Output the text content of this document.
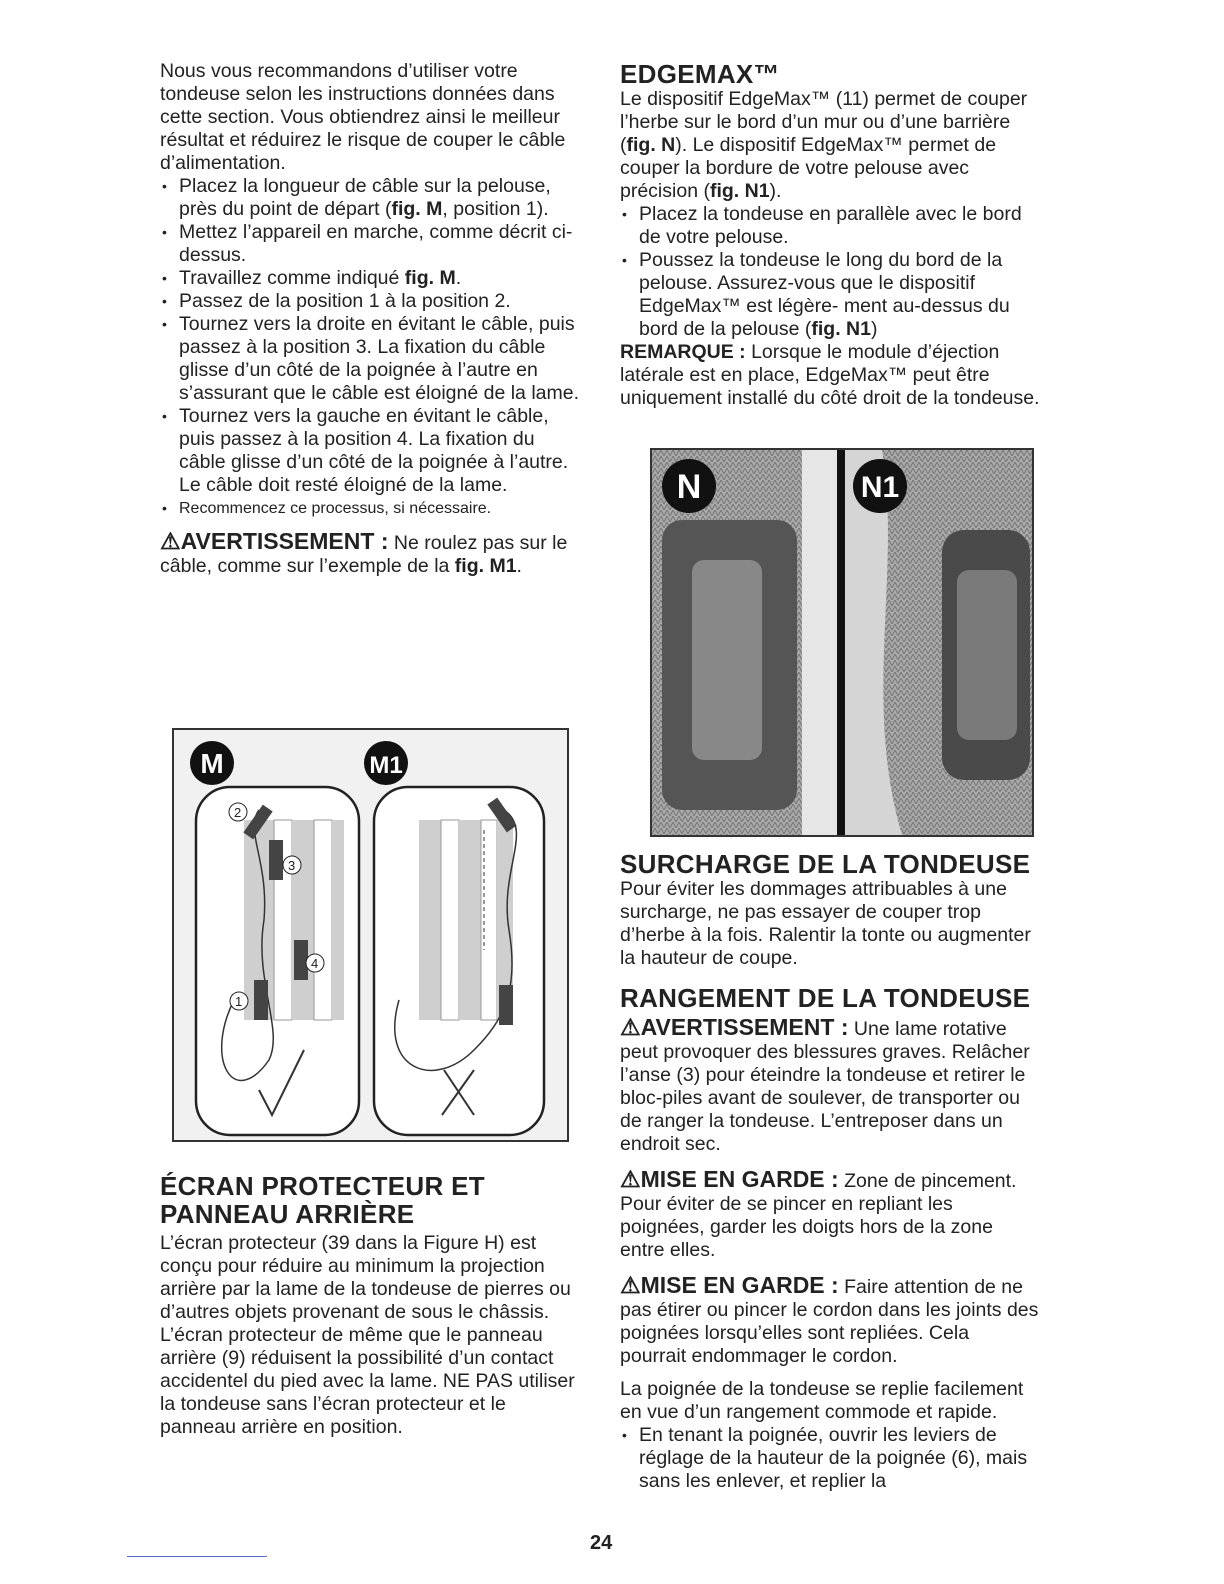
Nous vous recommandons d’utiliser votre tondeuse selon les instructions données dans cette section. Vous obtiendrez ainsi le meilleur résultat et réduirez le risque de couper le câble d’alimentation.

• Placez la longueur de câble sur la pelouse, près du point de départ (fig. M, position 1).
• Mettez l’appareil en marche, comme décrit ci-dessus.
• Travaillez comme indiqué fig. M.
• Passez de la position 1 à la position 2.
• Tournez vers la droite en évitant le câble, puis passez à la position 3. La fixation du câble glisse d’un côté de la poignée à l’autre en s’assurant que le câble est éloigné de la lame.
• Tournez vers la gauche en évitant le câble, puis passez à la position 4. La fixation du câble glisse d’un côté de la poignée à l’autre. Le câble doit resté éloigné de la lame.
• Recommencez ce processus, si nécessaire.

⚠AVERTISSEMENT : Ne roulez pas sur le câble, comme sur l’exemple de la fig. M1.

ÉCRAN PROTECTEUR ET PANNEAU ARRIÈRE

L’écran protecteur (39 dans la Figure H) est conçu pour réduire au minimum la projection arrière par la lame de la tondeuse de pierres ou d’autres objets provenant de sous le châssis.

L’écran protecteur de même que le panneau arrière (9) réduisent la possibilité d’un contact accidentel du pied avec la lame. NE PAS utiliser la tondeuse sans l’écran protecteur et le panneau arrière en position.

2
3
4
1
M	M1
EDGEMAX™

Le dispositif EdgeMax™ (11) permet de couper l’herbe sur le bord d’un mur ou d’une barrière (fig. N). Le dispositif EdgeMax™ permet de couper la bordure de votre pelouse avec précision (fig. N1).

• Placez la tondeuse en parallèle avec le bord de votre pelouse.
• Poussez la tondeuse le long du bord de la pelouse. Assurez-vous que le dispositif EdgeMax™ est légère- ment au-dessus du bord de la pelouse (fig. N1)

REMARQUE : Lorsque le module d’éjection latérale est en place, EdgeMax™ peut être uniquement installé du côté droit de la tondeuse.

SURCHARGE DE LA TONDEUSE

Pour éviter les dommages attribuables à une surcharge, ne pas essayer de couper trop d’herbe à la fois. Ralentir la tonte ou augmenter la hauteur de coupe.

RANGEMENT DE LA TONDEUSE

⚠AVERTISSEMENT : Une lame rotative peut provoquer des blessures graves. Relâcher l’anse (3) pour éteindre la tondeuse et retirer le bloc-piles avant de soulever, de transporter ou de ranger la tondeuse. L’entreposer dans un endroit sec.

⚠MISE EN GARDE : Zone de pincement. Pour éviter de se pincer en repliant les poignées, garder les doigts hors de la zone entre elles.

⚠MISE EN GARDE : Faire attention de ne pas étirer ou pincer le cordon dans les joints des poignées lorsqu’elles sont repliées. Cela pourrait endommager le cordon.

La poignée de la tondeuse se replie facilement en vue d’un rangement commode et rapide.

• En tenant la poignée, ouvrir les leviers de réglage de la hauteur de la poignée (6), mais sans les enlever, et replier la
N	N1
24
